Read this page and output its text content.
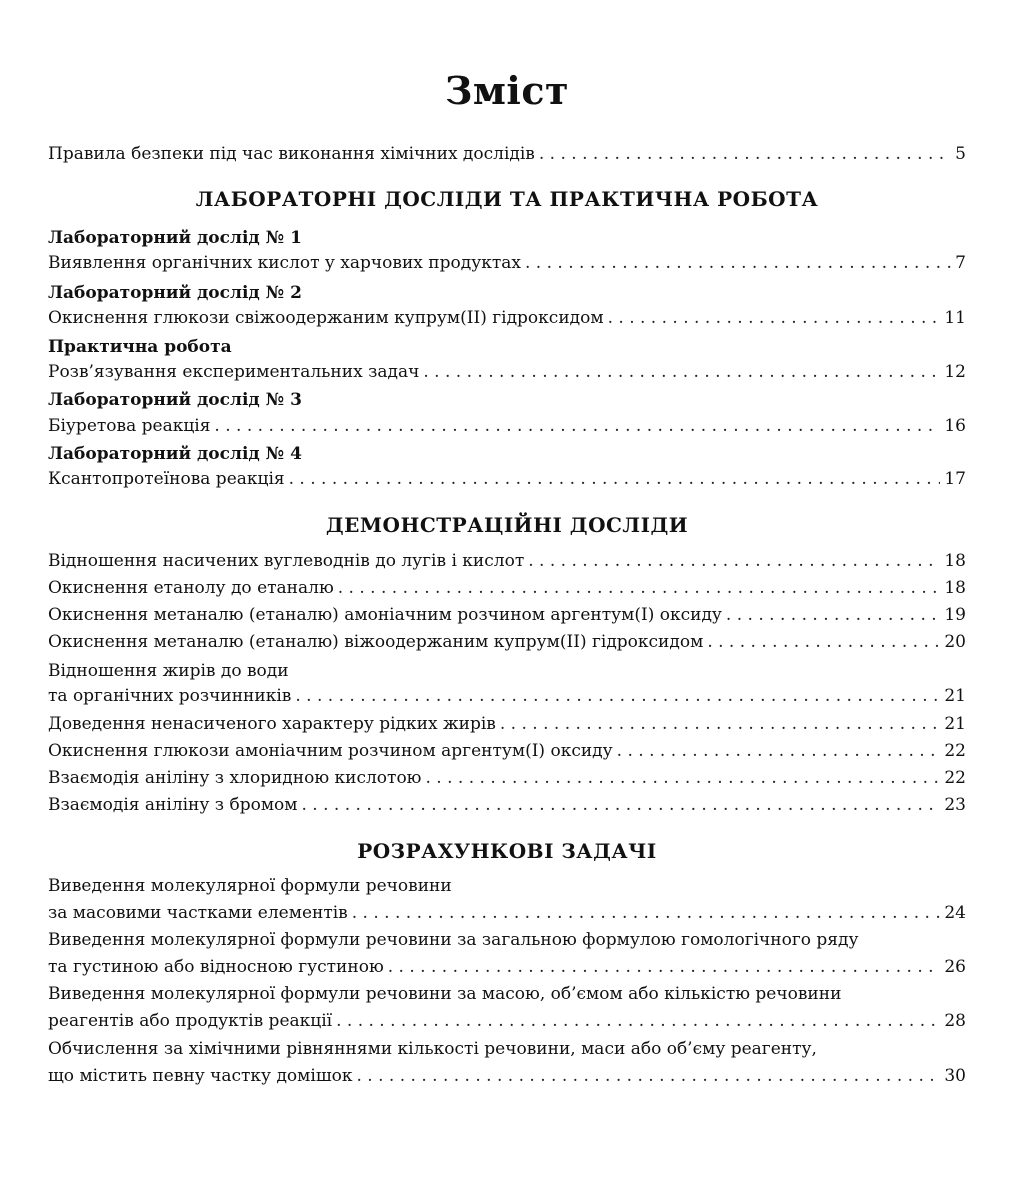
Зміст
Правила безпеки під час виконання хімічних дослідів . . .	5
ЛАБОРАТОРНІ ДОСЛІДИ ТА ПРАКТИЧНА РОБОТА
Лабораторний дослід № 1
Виявлення органічних кислот у харчових продуктах . . .	7
Лабораторний дослід № 2
Окиснення глюкози свіжоодержаним купрум(II) гідроксидом . . .	11
Практична робота
Розв’язування експериментальних задач . . .	12
Лабораторний дослід № 3
Біуретова реакція . . .	16
Лабораторний дослід № 4
Ксантопротеїнова реакція . . .	17
ДЕМОНСТРАЦІЙНІ ДОСЛІДИ
Відношення насичених вуглеводнів до лугів і кислот . . .	18
Окиснення етанолу до етаналю . . .	18
Окиснення метаналю (етаналю) амоніачним розчином аргентум(I) оксиду . . .	19
Окиснення метаналю (етаналю) віжоодержаним купрум(II) гідроксидом . . .	20
Відношення жирів до води
та органічних розчинників . . .	21
Доведення ненасиченого характеру рідких жирів . . .	21
Окиснення глюкози амоніачним розчином аргентум(I) оксиду . . .	22
Взаємодія аніліну з хлоридною кислотою . . .	22
Взаємодія аніліну з бромом . . .	23
РОЗРАХУНКОВІ ЗАДАЧІ
Виведення молекулярної формули речовини
за масовими частками елементів . . .	24
Виведення молекулярної формули речовини за загальною формулою гомологічного ряду
та густиною або відносною густиною . . .	26
Виведення молекулярної формули речовини за масою, об’ємом або кількістю речовини
реагентів або продуктів реакції . . .	28
Обчислення за хімічними рівняннями кількості речовини, маси або об’єму реагенту,
що містить певну частку домішок . . .	30
